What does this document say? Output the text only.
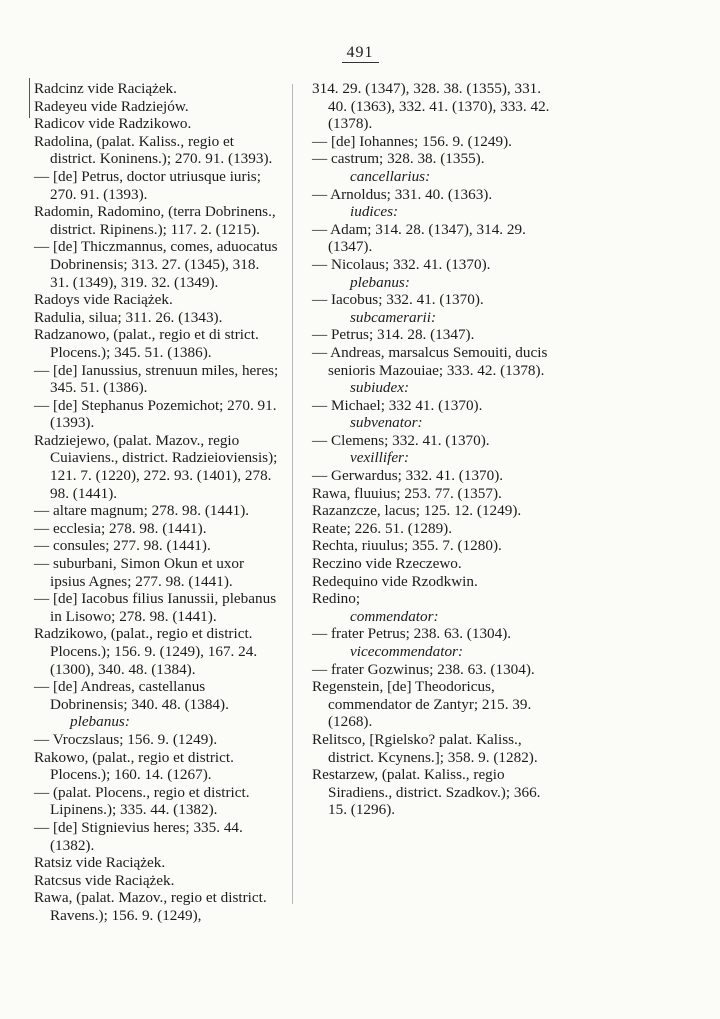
491
Radcinz vide Raciążek.
Radeyeu vide Radziejów.
Radicov vide Radzikowo.
Radolina, (palat. Kaliss., regio et district. Koninens.); 270. 91. (1393).
— [de] Petrus, doctor utriusque iuris; 270. 91. (1393).
Radomin, Radomino, (terra Dobrinens., district. Ripinens.); 117. 2. (1215).
— [de] Thiczmannus, comes, aduocatus Dobrinensis; 313. 27. (1345), 318. 31. (1349), 319. 32. (1349).
Radoys vide Raciążek.
Radulia, silua; 311. 26. (1343).
Radzanowo, (palat., regio et di strict. Plocens.); 345. 51. (1386).
— [de] Ianussius, strenuun miles, heres; 345. 51. (1386).
— [de] Stephanus Pozemichot; 270. 91. (1393).
Radziejewo, (palat. Mazov., regio Cuiaviens., district. Radzieioviensis); 121. 7. (1220), 272. 93. (1401), 278. 98. (1441).
— altare magnum; 278. 98. (1441).
— ecclesia; 278. 98. (1441).
— consules; 277. 98. (1441).
— suburbani, Simon Okun et uxor ipsius Agnes; 277. 98. (1441).
— [de] Iacobus filius Ianussii, plebanus in Lisowo; 278. 98. (1441).
Radzikowo, (palat., regio et district. Plocens.); 156. 9. (1249), 167. 24. (1300), 340. 48. (1384).
— [de] Andreas, castellanus Dobrinensis; 340. 48. (1384).
plebanus:
— Vroczslaus; 156. 9. (1249).
Rakowo, (palat., regio et district. Plocens.); 160. 14. (1267).
— (palat. Plocens., regio et district. Lipinens.); 335. 44. (1382).
— [de] Stignievius heres; 335. 44. (1382).
Ratsiz vide Raciążek.
Ratcsus vide Raciążek.
Rawa, (palat. Mazov., regio et district. Ravens.); 156. 9. (1249),
314. 29. (1347), 328. 38. (1355), 331. 40. (1363), 332. 41. (1370), 333. 42. (1378).
— [de] Iohannes; 156. 9. (1249).
— castrum; 328. 38. (1355).
cancellarius:
— Arnoldus; 331. 40. (1363).
iudices:
— Adam; 314. 28. (1347), 314. 29. (1347).
— Nicolaus; 332. 41. (1370).
plebanus:
— Iacobus; 332. 41. (1370).
subcamerarii:
— Petrus; 314. 28. (1347).
— Andreas, marsalcus Semouiti, ducis senioris Mazouiae; 333. 42. (1378).
subiudex:
— Michael; 332 41. (1370).
subvenator:
— Clemens; 332. 41. (1370).
vexillifer:
— Gerwardus; 332. 41. (1370).
Rawa, fluuius; 253. 77. (1357).
Razanzcze, lacus; 125. 12. (1249).
Reate; 226. 51. (1289).
Rechta, riuulus; 355. 7. (1280).
Reczino vide Rzeczewo.
Redequino vide Rzodkwin.
Redino;
commendator:
— frater Petrus; 238. 63. (1304).
vicecommendator:
— frater Gozwinus; 238. 63. (1304).
Regenstein, [de] Theodoricus, commendator de Zantyr; 215. 39. (1268).
Relitsco, [Rgielsko? palat. Kaliss., district. Kcynens.]; 358. 9. (1282).
Restarzew, (palat. Kaliss., regio Siradiens., district. Szadkov.); 366. 15. (1296).
